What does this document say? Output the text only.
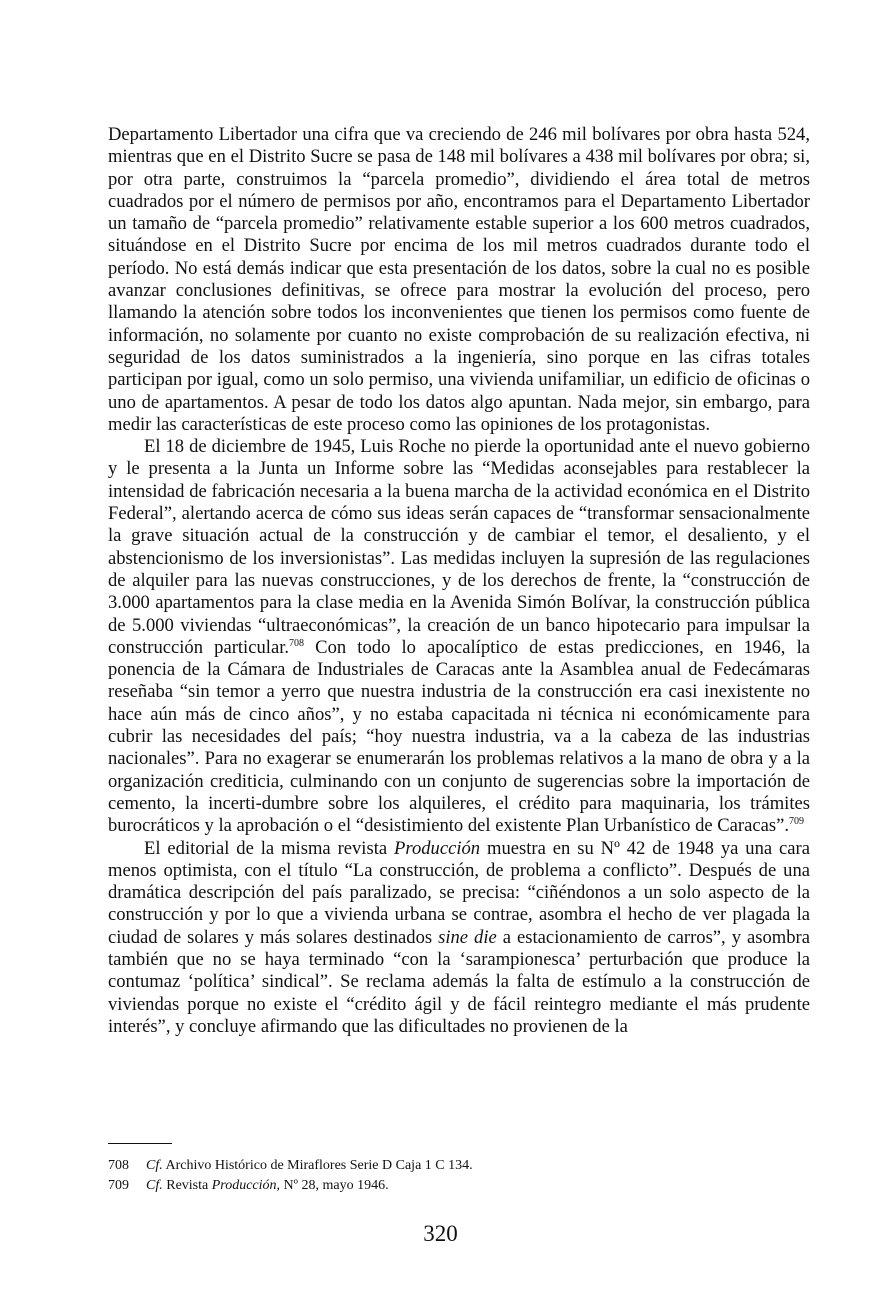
Departamento Libertador una cifra que va creciendo de 246 mil bolívares por obra hasta 524, mientras que en el Distrito Sucre se pasa de 148 mil bolívares a 438 mil bolívares por obra; si, por otra parte, construimos la “parcela promedio”, dividiendo el área total de metros cuadrados por el número de permisos por año, encontramos para el Departamento Libertador un tamaño de “parcela promedio” relativamente estable superior a los 600 metros cuadrados, situándose en el Distrito Sucre por encima de los mil metros cuadrados durante todo el período. No está demás indicar que esta presentación de los datos, sobre la cual no es posible avanzar conclusiones definitivas, se ofrece para mostrar la evolución del proceso, pero llamando la atención sobre todos los inconvenientes que tienen los permisos como fuente de información, no solamente por cuanto no existe comprobación de su realización efectiva, ni seguridad de los datos suministrados a la ingeniería, sino porque en las cifras totales participan por igual, como un solo permiso, una vivienda unifamiliar, un edificio de oficinas o uno de apartamentos. A pesar de todo los datos algo apuntan. Nada mejor, sin embargo, para medir las características de este proceso como las opiniones de los protagonistas.

El 18 de diciembre de 1945, Luis Roche no pierde la oportunidad ante el nuevo gobierno y le presenta a la Junta un Informe sobre las “Medidas aconsejables para restablecer la intensidad de fabricación necesaria a la buena marcha de la actividad económica en el Distrito Federal”, alertando acerca de cómo sus ideas serán capaces de “transformar sensacionalmente la grave situación actual de la construcción y de cambiar el temor, el desaliento, y el abstencionismo de los inversionistas”. Las medidas incluyen la supresión de las regulaciones de alquiler para las nuevas construcciones, y de los derechos de frente, la “construcción de 3.000 apartamentos para la clase media en la Avenida Simón Bolívar, la construcción pública de 5.000 viviendas “ultraeconómicas”, la creación de un banco hipotecario para impulsar la construcción particular.$^{708}$ Con todo lo apocalíptico de estas predicciones, en 1946, la ponencia de la Cámara de Industriales de Caracas ante la Asamblea anual de Fedecámaras reseñaba “sin temor a yerro que nuestra industria de la construcción era casi inexistente no hace aún más de cinco años”, y no estaba capacitada ni técnica ni económicamente para cubrir las necesidades del país; “hoy nuestra industria, va a la cabeza de las industrias nacionales”. Para no exagerar se enumerarán los problemas relativos a la mano de obra y a la organización crediticia, culminando con un conjunto de sugerencias sobre la importación de cemento, la incerti-dumbre sobre los alquileres, el crédito para maquinaria, los trámites burocráticos y la aprobación o el “desistimiento del existente Plan Urbanístico de Caracas”.$^{709}$

El editorial de la misma revista Producción muestra en su Nº 42 de 1948 ya una cara menos optimista, con el título “La construcción, de problema a conflicto”. Después de una dramática descripción del país paralizado, se precisa: “ciñéndonos a un solo aspecto de la construcción y por lo que a vivienda urbana se contrae, asombra el hecho de ver plagada la ciudad de solares y más solares destinados sine die a estacionamiento de carros”, y asombra también que no se haya terminado “con la ‘sarampionesca’ perturbación que produce la contumaz ‘política’ sindical”. Se reclama además la falta de estímulo a la construcción de viviendas porque no existe el “crédito ágil y de fácil reintegro mediante el más prudente interés”, y concluye afirmando que las dificultades no provienen de la

708	Cf. Archivo Histórico de Miraflores Serie D Caja 1 C 134.
709	Cf. Revista Producción, Nº 28, mayo 1946.
320
